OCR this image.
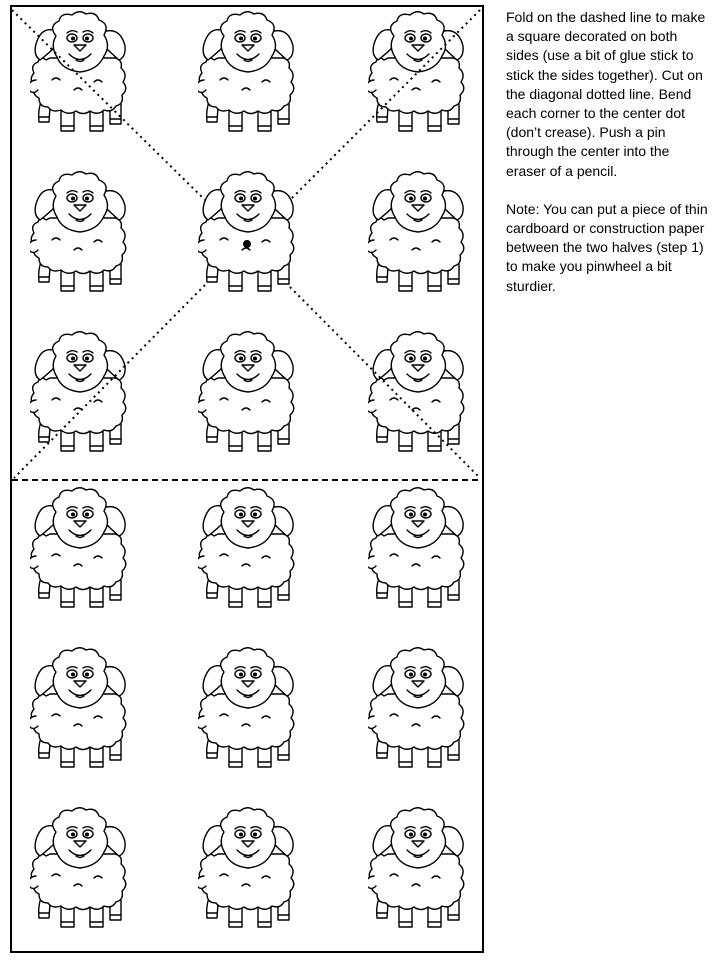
Fold on the dashed line to make a square decorated on both sides (use a bit of glue stick to stick the sides together). Cut on the diagonal dotted line. Bend each corner to the center dot (don’t crease). Push a pin through the center into the eraser of a pencil.

Note: You can put a piece of thin cardboard or construction paper between the two halves (step 1) to make you pinwheel a bit sturdier.
